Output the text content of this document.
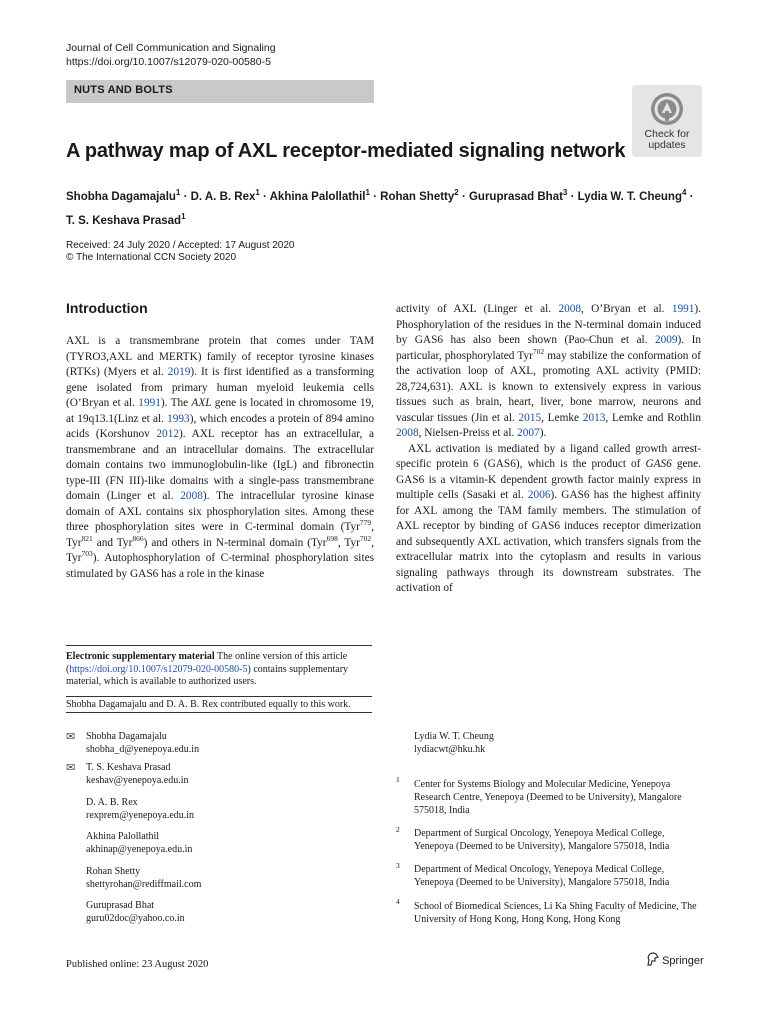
Journal of Cell Communication and Signaling
https://doi.org/10.1007/s12079-020-00580-5
NUTS AND BOLTS
Check for
updates
A pathway map of AXL receptor-mediated signaling network
Shobha Dagamajalu$^1$ · D. A. B. Rex$^1$ · Akhina Palollathil$^1$ · Rohan Shetty$^2$ · Guruprasad Bhat$^3$ · Lydia W. T. Cheung$^4$ ·
T. S. Keshava Prasad$^1$
Received: 24 July 2020 / Accepted: 17 August 2020
© The International CCN Society 2020
Introduction

AXL is a transmembrane protein that comes under TAM (TYRO3,AXL and MERTK) family of receptor tyrosine kinases (RTKs) (Myers et al. 2019). It is first identified as a transforming gene isolated from primary human myeloid leukemia cells (O’Bryan et al. 1991). The AXL gene is located in chromosome 19, at 19q13.1(Linz et al. 1993), which encodes a protein of 894 amino acids (Korshunov 2012). AXL receptor has an extracellular, a transmembrane and an intracellular domains. The extracellular domain contains two immunoglobulin-like (IgL) and fibronectin type-III (FN III)-like domains with a single-pass transmembrane domain (Linger et al. 2008). The intracellular tyrosine kinase domain of AXL contains six phosphorylation sites. Among these three phosphorylation sites were in C-terminal domain (Tyr$^{779}$, Tyr$^{821}$ and Tyr$^{866}$) and others in N-terminal domain (Tyr$^{698}$, Tyr$^{702}$, Tyr$^{703}$). Autophosphorylation of C-terminal phosphorylation sites stimulated by GAS6 has a role in the kinase

activity of AXL (Linger et al. 2008, O’Bryan et al. 1991). Phosphorylation of the residues in the N-terminal domain induced by GAS6 has also been shown (Pao-Chun et al. 2009). In particular, phosphorylated Tyr$^{702}$ may stabilize the conformation of the activation loop of AXL, promoting AXL activity (PMID: 28,724,631). AXL is known to extensively express in various tissues such as brain, heart, liver, bone marrow, neurons and vascular tissues (Jin et al. 2015, Lemke 2013, Lemke and Rothlin 2008, Nielsen-Preiss et al. 2007).

AXL activation is mediated by a ligand called growth arrest-specific protein 6 (GAS6), which is the product of GAS6 gene. GAS6 is a vitamin-K dependent growth factor mainly express in multiple cells (Sasaki et al. 2006). GAS6 has the highest affinity for AXL among the TAM family members. The stimulation of AXL receptor by binding of GAS6 induces receptor dimerization and subsequently AXL activation, which transfers signals from the extracellular matrix into the cytoplasm and results in various signaling pathways through its downstream substrates. The activation of

Electronic supplementary material The online version of this article (https://doi.org/10.1007/s12079-020-00580-5) contains supplementary material, which is available to authorized users.
Shobha Dagamajalu and D. A. B. Rex contributed equally to this work.
✉ Shobha Dagamajalu
shobha_d@yenepoya.edu.in
✉ T. S. Keshava Prasad
keshav@yenepoya.edu.in
D. A. B. Rex
rexprem@yenepoya.edu.in
Akhina Palollathil
akhinap@yenepoya.edu.in
Rohan Shetty
shettyrohan@rediffmail.com
Guruprasad Bhat
guru02doc@yahoo.co.in
Lydia W. T. Cheung
lydiacwt@hku.hk
1 Center for Systems Biology and Molecular Medicine, Yenepoya Research Centre, Yenepoya (Deemed to be University), Mangalore 575018, India
2 Department of Surgical Oncology, Yenepoya Medical College, Yenepoya (Deemed to be University), Mangalore 575018, India
3 Department of Medical Oncology, Yenepoya Medical College, Yenepoya (Deemed to be University), Mangalore 575018, India
4 School of Biomedical Sciences, Li Ka Shing Faculty of Medicine, The University of Hong Kong, Hong Kong, Hong Kong
Published online: 23 August 2020	Springer
